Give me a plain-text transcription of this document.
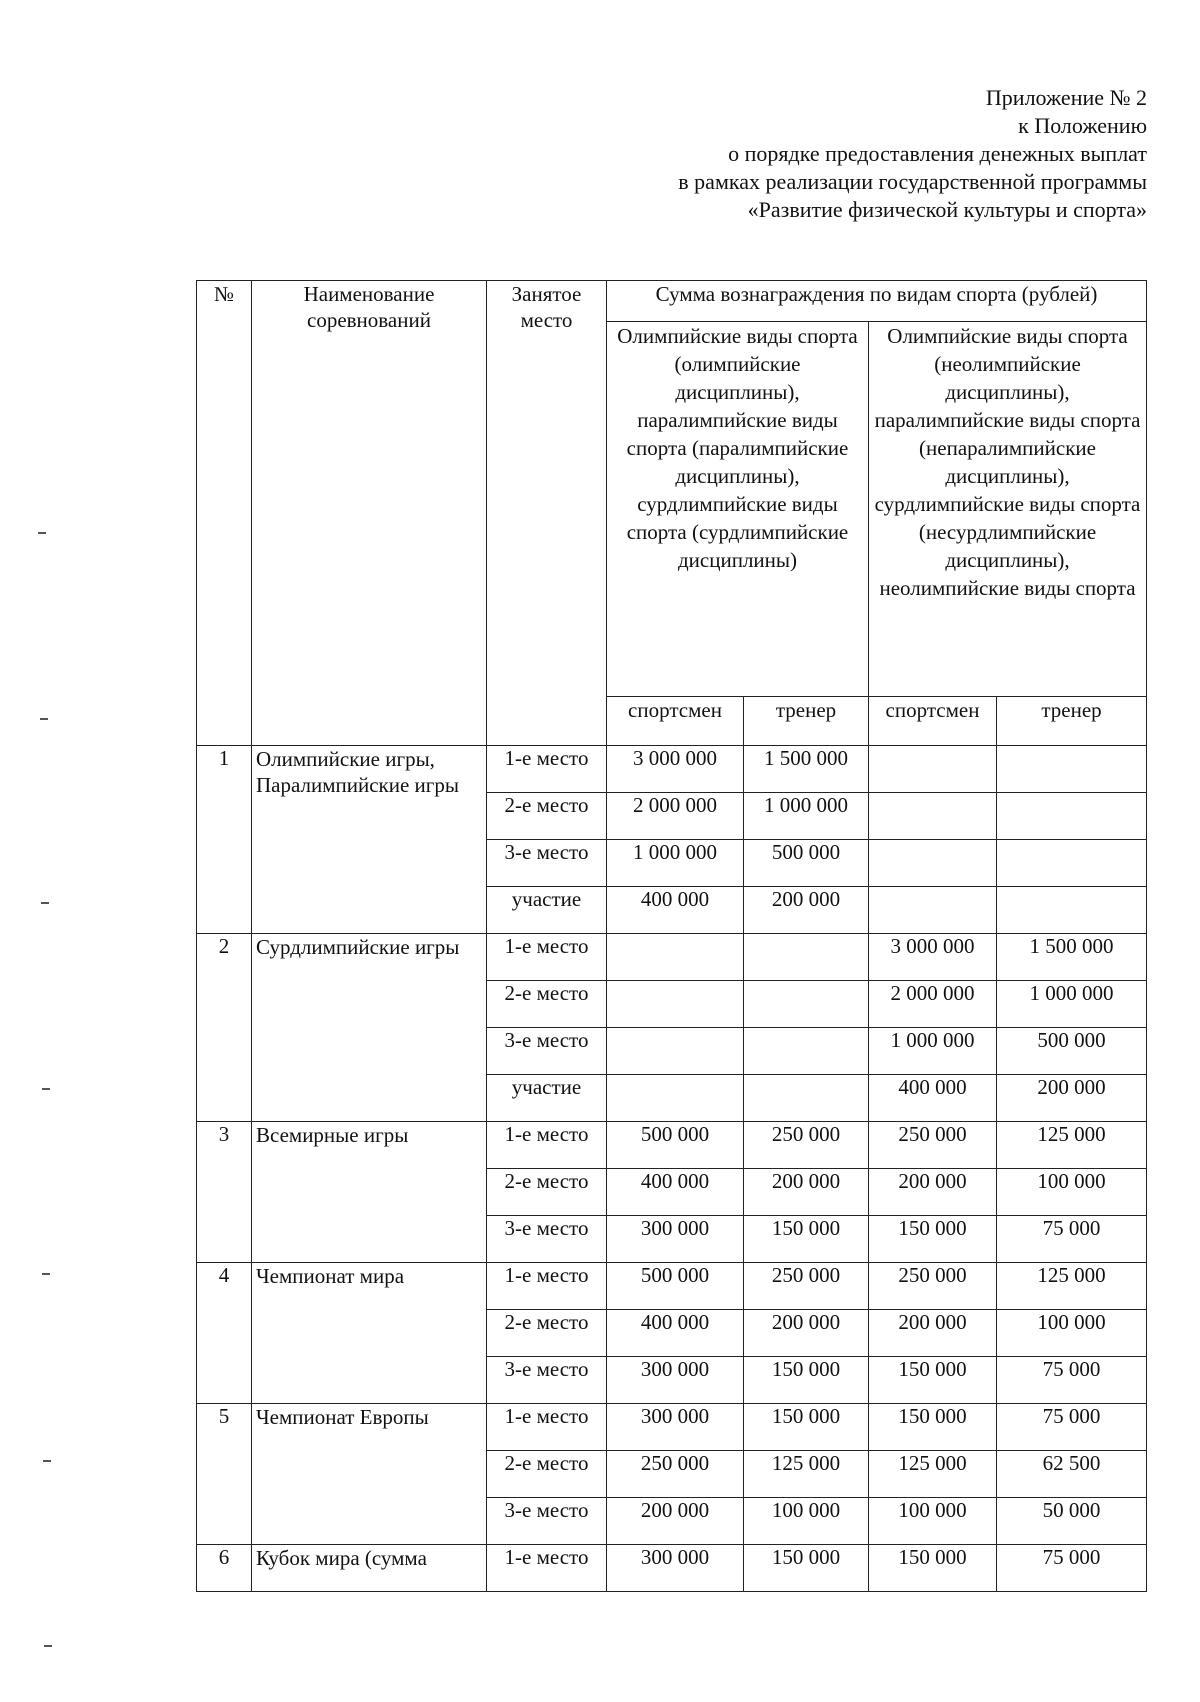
Приложение № 2
к Положению
о порядке предоставления денежных выплат
в рамках реализации государственной программы
«Развитие физической культуры и спорта»
№	Наименование соревнований	Занятое место	Сумма вознаграждения по видам спорта (рублей)			
			Олимпийские виды спорта (олимпийские дисциплины), паралимпийские виды спорта (паралимпийские дисциплины), сурдлимпийские виды спорта (сурдлимпийские дисциплины)		Олимпийские виды спорта (неолимпийские дисциплины), паралимпийские виды спорта (непаралимпийские дисциплины), сурдлимпийские виды спорта (несурдлимпийские дисциплины), неолимпийские виды спорта	
			спортсмен	тренер	спортсмен	тренер
1	Олимпийские игры, Паралимпийские игры	1-е место	3 000 000	1 500 000		
		2-е место	2 000 000	1 000 000		
		3-е место	1 000 000	500 000		
		участие	400 000	200 000		
2	Сурдлимпийские игры	1-е место			3 000 000	1 500 000
		2-е место			2 000 000	1 000 000
		3-е место			1 000 000	500 000
		участие			400 000	200 000
3	Всемирные игры	1-е место	500 000	250 000	250 000	125 000
		2-е место	400 000	200 000	200 000	100 000
		3-е место	300 000	150 000	150 000	75 000
4	Чемпионат мира	1-е место	500 000	250 000	250 000	125 000
		2-е место	400 000	200 000	200 000	100 000
		3-е место	300 000	150 000	150 000	75 000
5	Чемпионат Европы	1-е место	300 000	150 000	150 000	75 000
		2-е место	250 000	125 000	125 000	62 500
		3-е место	200 000	100 000	100 000	50 000
6	Кубок мира (сумма	1-е место	300 000	150 000	150 000	75 000
